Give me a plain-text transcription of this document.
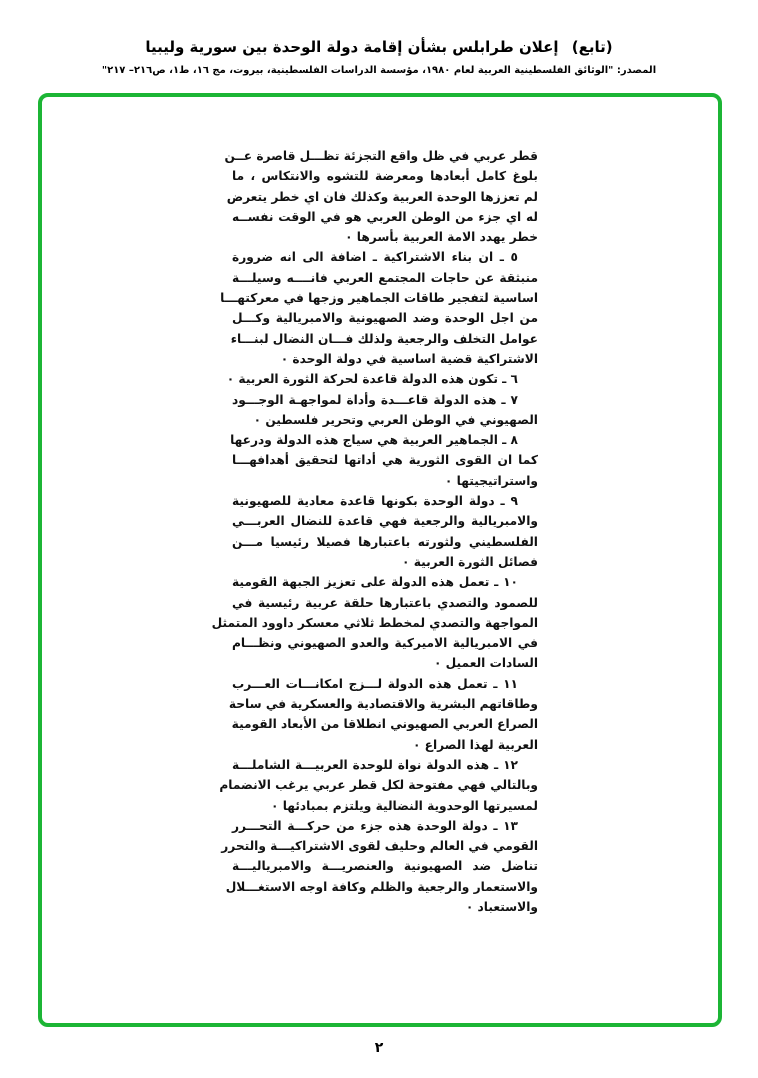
(تابع) إعلان طرابلس بشأن إقامة دولة الوحدة بين سورية وليبيا
المصدر: "الوثائق الفلسطينية العربية لعام ١٩٨٠، مؤسسة الدراسات الفلسطينية، بيروت، مج ١٦، ط١، ص٢١٦– ٢١٧"
قطر عربي في ظل واقع التجزئة تظـــل قاصرة عــن
بلوغ كامل أبعادها ومعرضة للتشوه والانتكاس ، ما
لم تعززها الوحدة العربية وكذلك فان اي خطر يتعرض
له اي جزء من الوطن العربي هو في الوقت نفســه
خطر يهدد الامة العربية بأسرها ٠
٥ ـ ان بناء الاشتراكية ـ اضافة الى انه ضرورة
منبثقة عن حاجات المجتمع العربي فانــــه وسيلـــة
اساسية لتفجير طاقات الجماهير وزجها في معركتهـــا
من اجل الوحدة وضد الصهيونية والامبريالية وكـــل
عوامل التخلف والرجعية ولذلك فـــان النضال لبنـــاء
الاشتراكية قضية اساسية في دولة الوحدة ٠
٦ ـ تكون هذه الدولة قاعدة لحركة الثورة العربية ٠
٧ ـ هذه الدولة قاعـــدة وأداة لمواجهـة الوجـــود
الصهيوني في الوطن العربي وتحرير فلسطين ٠
٨ ـ الجماهير العربية هي سياج هذه الدولة ودرعها
كما ان القوى الثورية هي أداتها لتحقيق أهدافهـــا
واستراتيجيتها ٠
٩ ـ دولة الوحدة بكونها قاعدة معادية للصهيونية
والامبريالية والرجعية فهي قاعدة للنضال العربـــي
الفلسطيني ولثورته باعتبارها فصيلا رئيسيا مـــن
فصائل الثورة العربية ٠
١٠ ـ تعمل هذه الدولة على تعزيز الجبهة القومية
للصمود والتصدي باعتبارها حلقة عربية رئيسية في
المواجهة والتصدي لمخطط ثلاثي معسكر داوود المتمثل
في الامبريالية الاميركية والعدو الصهيوني ونظـــام
السادات العميل ٠
١١ ـ تعمل هذه الدولة لـــزج امكانـــات العـــرب
وطاقاتهم البشرية والاقتصادية والعسكرية في ساحة
الصراع العربي الصهيوني انطلاقا من الأبعاد القومية
العربية لهذا الصراع ٠
١٢ ـ هذه الدولة نواة للوحدة العربيـــة الشاملـــة
وبالتالي فهي مفتوحة لكل قطر عربي يرغب الانضمام
لمسيرتها الوحدوية النضالية ويلتزم بمبادئها ٠
١٣ ـ دولة الوحدة هذه جزء من حركـــة التحـــرر
القومي في العالم وحليف لقوى الاشتراكيـــة والتحرر
تناضل ضد الصهيونية والعنصريـــة والامبرياليـــة
والاستعمار والرجعية والظلم وكافة اوجه الاستغـــلال
والاستعباد ٠
٢
